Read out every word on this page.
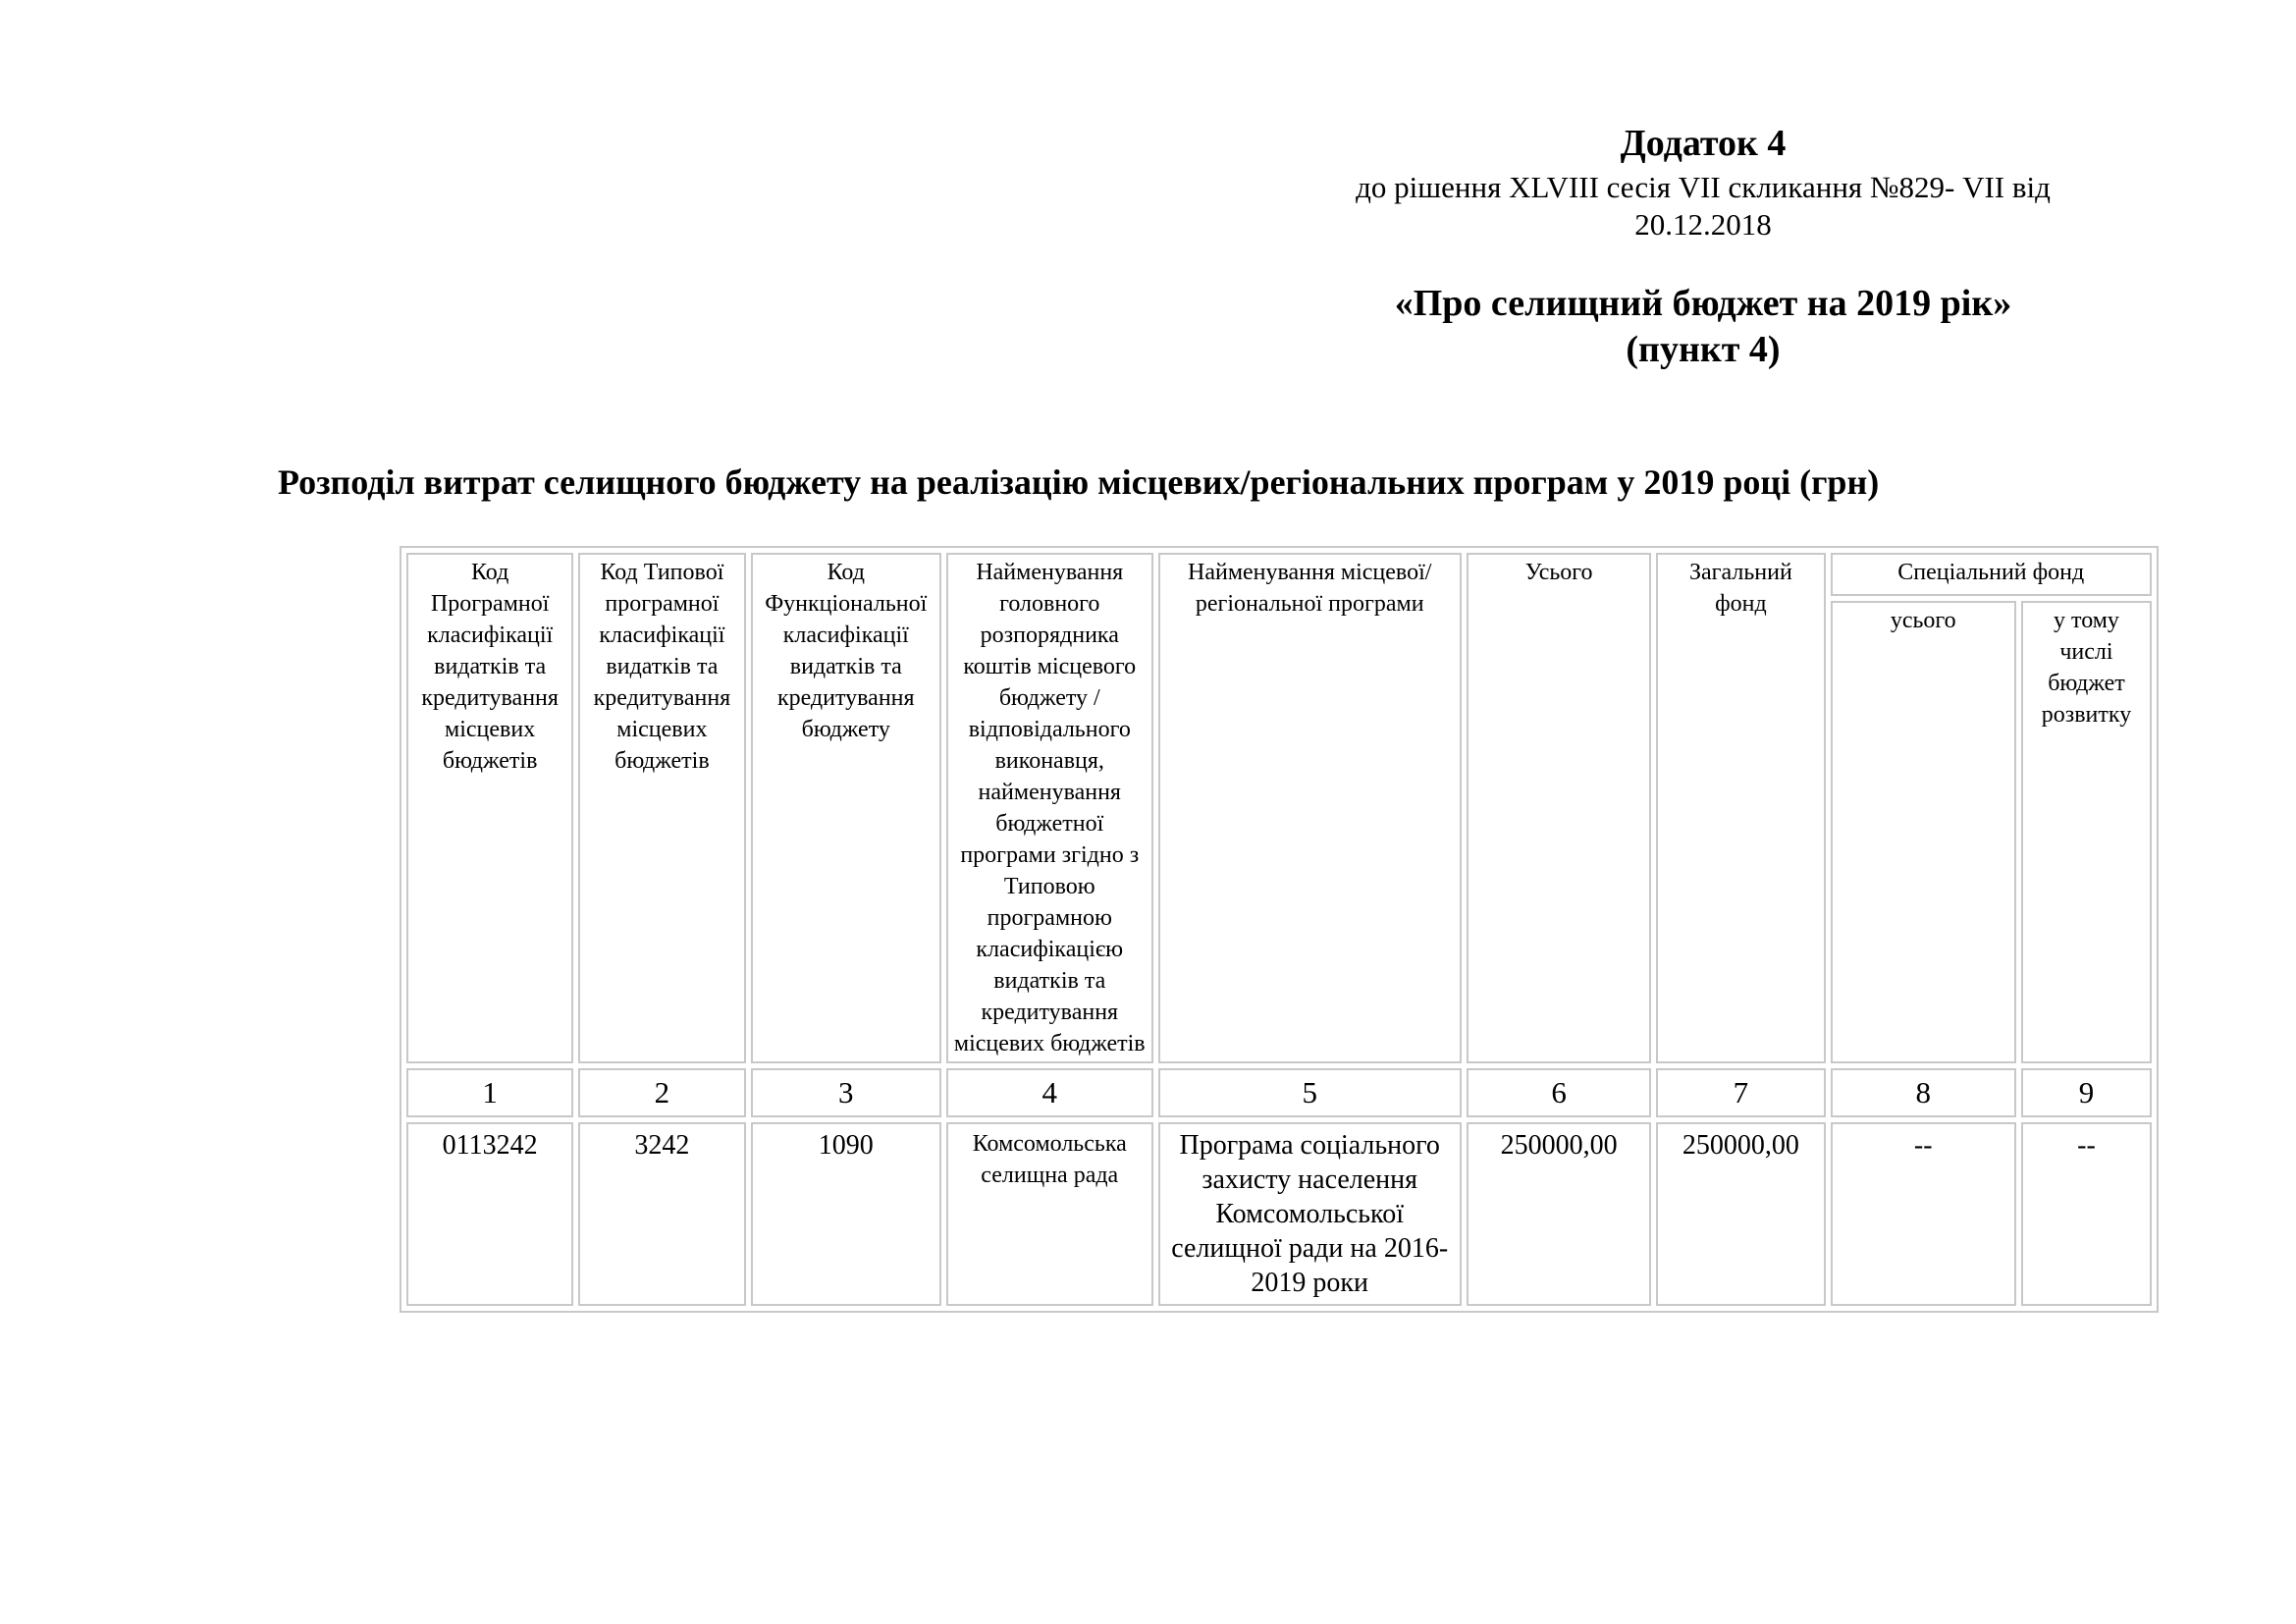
Додаток 4
до рішення XLVIII сесія VII скликання №829- VII від
20.12.2018
«Про селищний бюджет на 2019 рік»
(пункт 4)
Розподіл витрат селищного бюджету на реалізацію місцевих/регіональних програм у 2019 році (грн)
Код Програмної класифікації видатків та кредитування місцевих бюджетів	Код Типової програмної класифікації видатків та кредитування місцевих бюджетів	Код Функціональної класифікації видатків та кредитування бюджету	Найменування головного розпорядника коштів місцевого бюджету / відповідального виконавця, найменування бюджетної програми згідно з Типовою програмною класифікацією видатків та кредитування місцевих бюджетів	Найменування місцевої/регіональної програми	Усього	Загальний фонд	Спеціальний фонд	
							усього	у тому числі бюджет розвитку
1	2	3	4	5	6	7	8	9
0113242	3242	1090	Комсомольська селищна рада	Програма соціального захисту населення Комсомольської селищної ради на 2016-2019 роки	250000,00	250000,00	--	--
